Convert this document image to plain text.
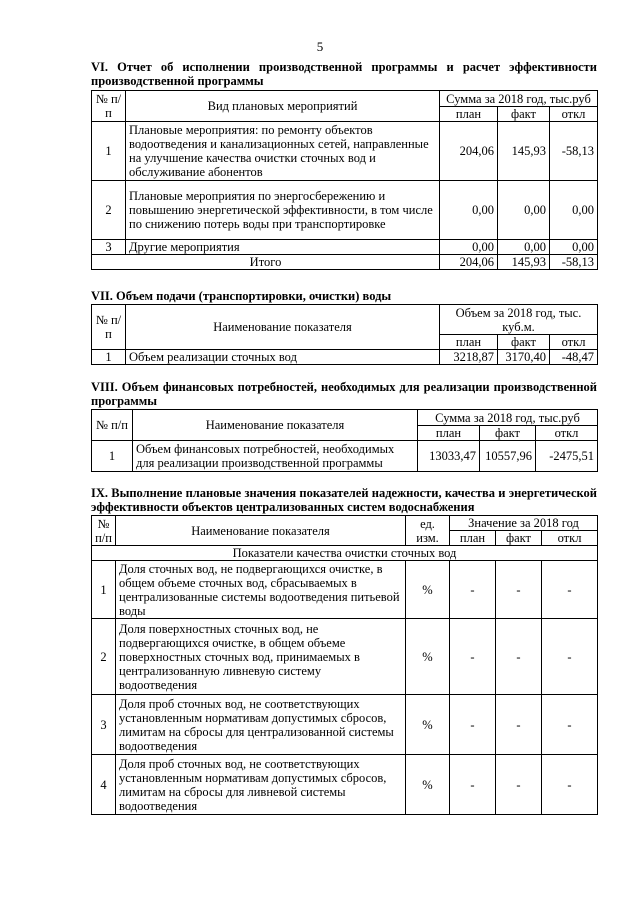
5
VI. Отчет об исполнении производственной программы и расчет эффективности производственной программы
№ п/п	Вид плановых мероприятий	Сумма за 2018 год, тыс.руб		
		план	факт	откл
1	Плановые мероприятия: по ремонту объектов водоотведения и канализационных сетей, направленные на улучшение качества очистки сточных вод и обслуживание абонентов	204,06	145,93	-58,13
2	Плановые мероприятия по энергосбережению и повышению энергетической эффективности, в том числе по снижению потерь воды при транспортировке	0,00	0,00	0,00
3	Другие мероприятия	0,00	0,00	0,00
Итого		204,06	145,93	-58,13
VII. Объем подачи (транспортировки, очистки) воды
№ п/п	Наименование показателя	Объем за 2018 год, тыс. куб.м.		
		план	факт	откл
1	Объем реализации сточных вод	3218,87	3170,40	-48,47
VIII. Объем финансовых потребностей, необходимых для реализации производственной программы
№ п/п	Наименование показателя	Сумма за 2018 год, тыс.руб		
		план	факт	откл
1	Объем финансовых потребностей, необходимых для реализации производственной программы	13033,47	10557,96	-2475,51
IX. Выполнение плановые значения показателей надежности, качества и энергетической эффективности объектов централизованных систем водоснабжения
№ п/п	Наименование показателя	ед. изм.	Значение за 2018 год		
			план	факт	откл
Показатели качества очистки сточных вод					
1	Доля сточных вод, не подвергающихся очистке, в общем объеме сточных вод, сбрасываемых в централизованные системы водоотведения питьевой воды	%	-	-	-
2	Доля поверхностных сточных вод, не подвергающихся очистке, в общем объеме поверхностных сточных вод, принимаемых в централизованную ливневую систему водоотведения	%	-	-	-
3	Доля проб сточных вод, не соответствующих установленным нормативам допустимых сбросов, лимитам на сбросы для централизованной системы водоотведения	%	-	-	-
4	Доля проб сточных вод, не соответствующих установленным нормативам допустимых сбросов, лимитам на сбросы для ливневой системы водоотведения	%	-	-	-
